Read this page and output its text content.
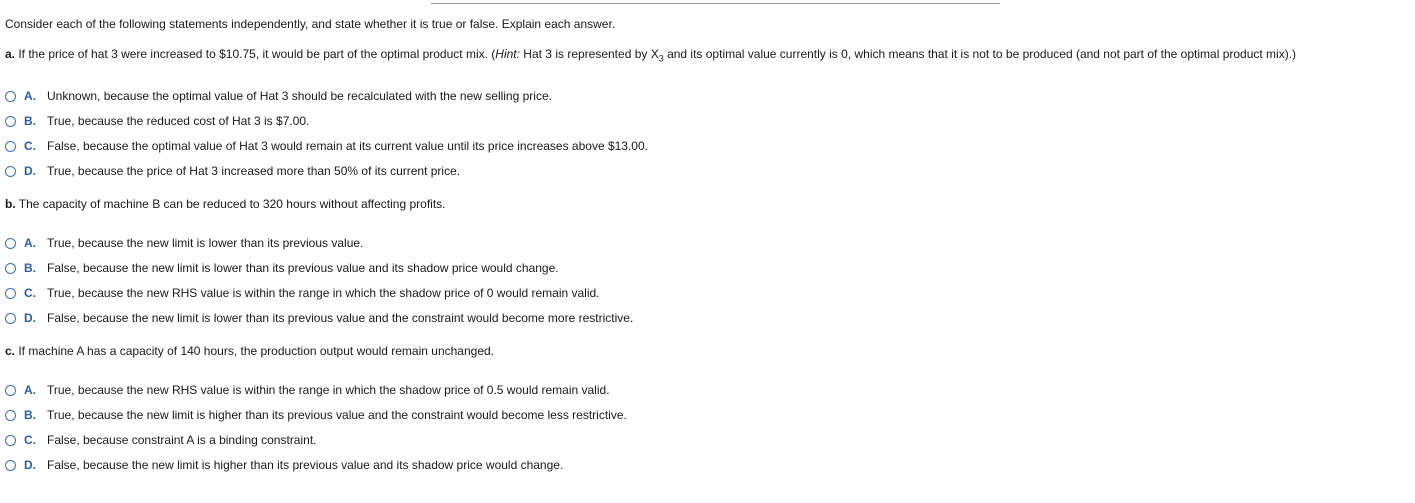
Consider each of the following statements independently, and state whether it is true or false. Explain each answer.
a. If the price of hat 3 were increased to $10.75, it would be part of the optimal product mix. (Hint: Hat 3 is represented by $X_3$ and its optimal value currently is 0, which means that it is not to be produced (and not part of the optimal product mix).)
A. Unknown, because the optimal value of Hat 3 should be recalculated with the new selling price.
B. True, because the reduced cost of Hat 3 is $7.00.
C. False, because the optimal value of Hat 3 would remain at its current value until its price increases above $13.00.
D. True, because the price of Hat 3 increased more than 50% of its current price.
b. The capacity of machine B can be reduced to 320 hours without affecting profits.
A. True, because the new limit is lower than its previous value.
B. False, because the new limit is lower than its previous value and its shadow price would change.
C. True, because the new RHS value is within the range in which the shadow price of 0 would remain valid.
D. False, because the new limit is lower than its previous value and the constraint would become more restrictive.
c. If machine A has a capacity of 140 hours, the production output would remain unchanged.
A. True, because the new RHS value is within the range in which the shadow price of 0.5 would remain valid.
B. True, because the new limit is higher than its previous value and the constraint would become less restrictive.
C. False, because constraint A is a binding constraint.
D. False, because the new limit is higher than its previous value and its shadow price would change.
